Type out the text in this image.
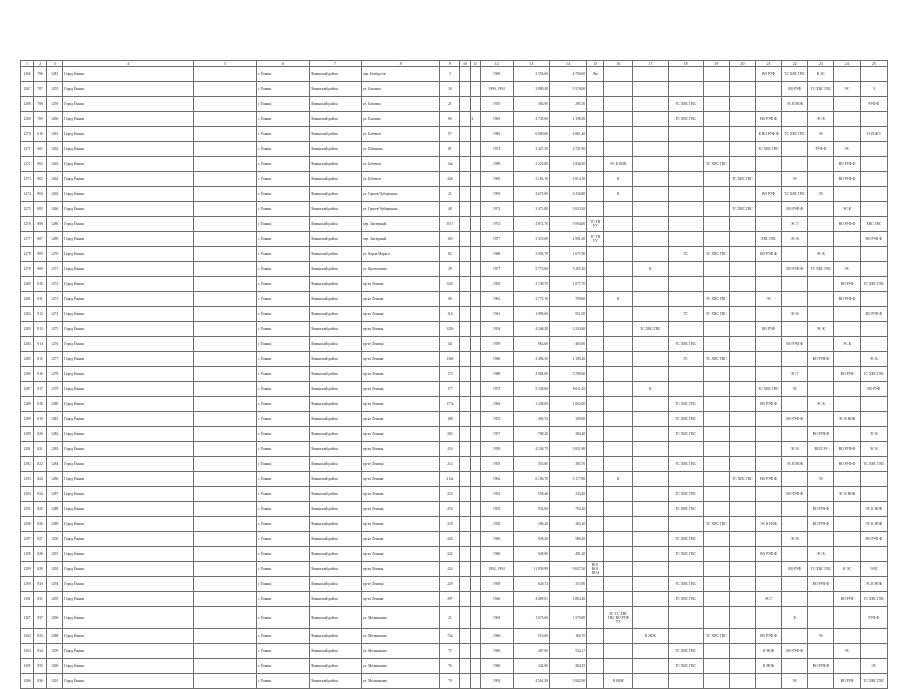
1	2	3	4	5	6	7	8	9	10	11	12	13	14	15	16	17	18	19	20	21	22	23	24	25
1266	706	1281	Город Ёмкин		г. Ёмкин	Ленинский район	пер. Безбрусов	3			1969	2 556,60	4 790,60	Лю						ВО РУФ	ТС ХВС ГВС	К ЭС		
1267	707	1255	Город Ёмкин		г. Ёмкин	Ленинский район	ул. Бахмача	10			1990, 1994	3 889,40	5 576,00								ВО РУФ	ТС ХВС ГВС	ЭС	Э
1268	708	1259	Город Ёмкин		г. Ёмкин	Ленинский район	ул. Бахмача	21			1955	364,90	285,10				ТС ХВС ГВС				ЭС К НОК			РУФ Ф
1269	709	1260	Город Ёмкин		г. Ёмкин	Ленинский район	ул. Бахмача	80		2	1965	2 745,00	2 198,50				ТС ХВС ГВС			ВО РУФ Ф		ЭС К		
1270	610	1261	Город Ёмкин		г. Ёмкин	Ленинский район	ул. Бабичев	97			1982	6 800,60	4 861,40							К ВО РУФ Ф	ТС ХВС ГВС	ЭС		ГОЛ ЖЭ
1271	601	1262	Город Ёмкин		г. Ёмкин	Ленинский район	ул. Шилкина	81			1974	3 427,50	2 721,90							ТС ХВС ГВС		РУФ Ф	ЭС	
1272	802	1263	Город Ёмкин		г. Ёмкин	Ленинский район	ул. Бебичев	14к			1989	2 225,80	2 940,50		ЭС К НОК			ТС ХВС ГВС					ВО РУФ Ф	
1273	802	1264	Город Ёмкин		г. Ёмкин	Ленинский район	ул. Бебичев	44б			1965	2 183,10	2 814,10		К				ТС ХВС ГВС		ЭС		ВО РУФ Ф	
1274	804	1265	Город Ёмкин		г. Ёмкин	Ленинский район	ул. Героев Чубарецких	21			1993	4 673,80	6 256,80		К					ВО РУФ	ТС ХВС ГВС	ЭС		
1275	805	1266	Город Ёмкин		г. Ёмкин	Ленинский район	ул. Героев Чубарецких	40			1972	3 471,80	3 023,20						ТС ХВС ГВС		ВО РУФ Ф		ЭС К	
1276	808	1286	Город Ёмкин		г. Ёмкин	Ленинский район	пер. Заозерный	10/1			1972	4 872,70	5 094,00	ТС ГВ УУ							ЭС Г		ВО РУФ Ф	ХВС ГВС
1277	807	1289	Город Ёмкин		г. Ёмкин	Ленинский район	пер. Заозерный	103			1977	3 318,09	2 901,50	ТС ГВ УУ						ХВС ГВС	ЭС К			ВО РУФ Ф
1278	809	1270	Город Ёмкин		г. Ёмкин	Ленинский район	ул. Карла Маркса	82			1968	3 903,70	1 671,90				ГС	ТС ХВС ГВС		ВО РУФ Ф		ЭС К		
1279	809	1271	Город Ёмкин		г. Ёмкин	Ленинский район	ул. Кропоткина	49			1977	5 773,60	5 285,30			К					ВО РУФ Ф	ТС ХВС ГВС	ЭС	
1280	810	1272	Город Ёмкин		г. Ёмкин	Ленинский район	пр-кт Ленина	62б			1995	2 748,70	1 077,70										ВО РУФ	ТС ХВС ГВС
1281	811	1273	Город Ёмкин		г. Ёмкин	Ленинский район	пр-кт Ленина	86			1961	2 775,10	789,00		К			ТС ХВС ГВС		ЭС			ВО РУФ Ф	
1282	812	1274	Город Ёмкин		г. Ёмкин	Ленинский район	пр-кт Ленина	116			1961	1 890,60	951,00				ГС	ТС ХВС ГВС			ЭС К			ВО РУФ Ф
1283	813	1275	Город Ёмкин		г. Ёмкин	Ленинский район	пр-кт Ленина	125б			1954	4 346,20	3 234,40			ТС ХВС ГВС				ВО РУФ		ЭС К		
1284	814	1276	Город Ёмкин		г. Ёмкин	Ленинский район	пр-кт Ленина	141			1959	862,60	465,00				ТС ХВС ГВС				ВО РУФ Ф		ЭС К	
1285	815	1277	Город Ёмкин		г. Ёмкин	Ленинский район	пр-кт Ленина	136б			1966	2 496,50	2 109,20				ГС	ТС ХВС ГВС				ВО РУФ Ф		ЭС К
1286	816	1278	Город Ёмкин		г. Ёмкин	Ленинский район	пр-кт Ленина	173			1988	4 984,00	3 789,60								ЭС Г		ВО РУФ	ТС ХВС ГВС
1287	817	1279	Город Ёмкин		г. Ёмкин	Ленинский район	пр-кт Ленина	177			1975	5 330,60	8 011,20			К				ТС ХВС ГВС	ЭС			ВО РУФ
1288	818	1280	Город Ёмкин		г. Ёмкин	Ленинский район	пр-кт Ленина	177а			1964	1 248,00	1 062,00				ТС ХВС ГВС			ВО РУФ Ф		ЭС К		
1289	819	1281	Город Ёмкин		г. Ёмкин	Ленинский район	пр-кт Ленина	188			1953	494,74	309,00				ТС ХВС ГВС				ВО РУФ Ф		ЭС К НОК	
1290	820	1282	Город Ёмкин		г. Ёмкин	Ленинский район	пр-кт Ленина	203			1957	708,20	383,40				ТС ХВС ГВС					ВО РУФ Ф		ЭС К
1291	821	1283	Город Ёмкин		г. Ёмкин	Ленинский район	пр-кт Ленина	210			1959	4 336,73	3 651,90								ЭС К	ВОЛ ЭЭ	ВО РУФ Ф	ЭС К
1292	822	1284	Город Ёмкин		г. Ёмкин	Ленинский район	пр-кт Ленина	212			1953	353,80	385,70				ТС ХВС ГВС				ЭС К НОК		ВО РУФ Ф	ТС ХВС ГВС
1293	824	1286	Город Ёмкин		г. Ёмкин	Ленинский район	пр-кт Ленина	212а			1962	6 106,70	3 177,80		К				ТС ХВС ГВС	ВО РУФ Ф		ЭС		
1294	824	1287	Город Ёмкин		г. Ёмкин	Ленинский район	пр-кт Ленина	214			1953	558,40	333,40				ТС ХВС ГВС				ВО РУФ Ф		ЭС К НОК	
1295	825	1288	Город Ёмкин		г. Ёмкин	Ленинский район	пр-кт Ленина	216			1953	932,00	794,20				ТС ХВС ГВС					ВО РУФ Ф		ЭС К НОК
1296	826	1289	Город Ёмкин		г. Ёмкин	Ленинский район	пр-кт Ленина	218			1939	596,20	365,20					ТС ХВС ГВС		ЭС К НОК		ВО РУФ Ф		ЭС К НОК
1297	827	1290	Город Ёмкин		г. Ёмкин	Ленинский район	пр-кт Ленина	220			1960	928,20	580,30				ТС ХВС ГВС				ЭС К			ВО РУФ Ф
1298	828	1291	Город Ёмкин		г. Ёмкин	Ленинский район	пр-кт Ленина	222			1960	928,90	481,20				ТС ХВС ГВС			ВО РУФ Ф		ЭС К		
1299	829	1292	Город Ёмкин		г. Ёмкин	Ленинский район	пр-кт Ленина	224			1992, 1994	11 839,99	9 047,50	ВО1 ВО1 ПО4							ВО РУФ	ТС ХВС ГВС	К ЭС	ЭОЛ
1300	830	1294	Город Ёмкин		г. Ёмкин	Ленинский район	пр-кт Ленина	229			1958	629,74	315,90				ТС ХВС ГВС					ВО РУФ Ф		ЭС К НОК
1301	831	1295	Город Ёмкин		г. Ёмкин	Ленинский район	пр-кт Ленина	297			1946	4 689,01	3 863,20				ТС ХВС ГВС			ЭС Г			ВО РУФ	ТС ХВС ГВС
1307	837	1296	Город Ёмкин		г. Ёмкин	Ленинский район	ул. Мельникова	21			1963	1 673,60	1 570,80		ЭС ТС ХВС ГВС ВО РУФ УУ						К			РУФ Ф
1303	833	1288	Город Ёмкин		г. Ёмкин	Ленинский район	ул. Мельникова	73а			1960	516,60	166,70			К НОК		ТС ХВС ГВС		ВО РУФ Ф		ЭС		
1304	834	1299	Город Ёмкин		г. Ёмкин	Ленинский район	ул. Мельникова	75			1960	367,00	534,17				ТС ХВС ГВС			К НОК	ВО РУФ Ф		ЭС	
1305	835	1300	Город Ёмкин		г. Ёмкин	Ленинский район	ул. Мельникова	76			1960	342,90	284,55				ТС ХВС ГВС			К НОК		ВО РУФ Ф		ЭС
1306	836	1301	Город Ёмкин		г. Ёмкин	Ленинский район	ул. Мельникова	79			1992	4 561,39	3 842,90		К НОК						ЭС		ВО РУФ	ТС ХВС ГВС
